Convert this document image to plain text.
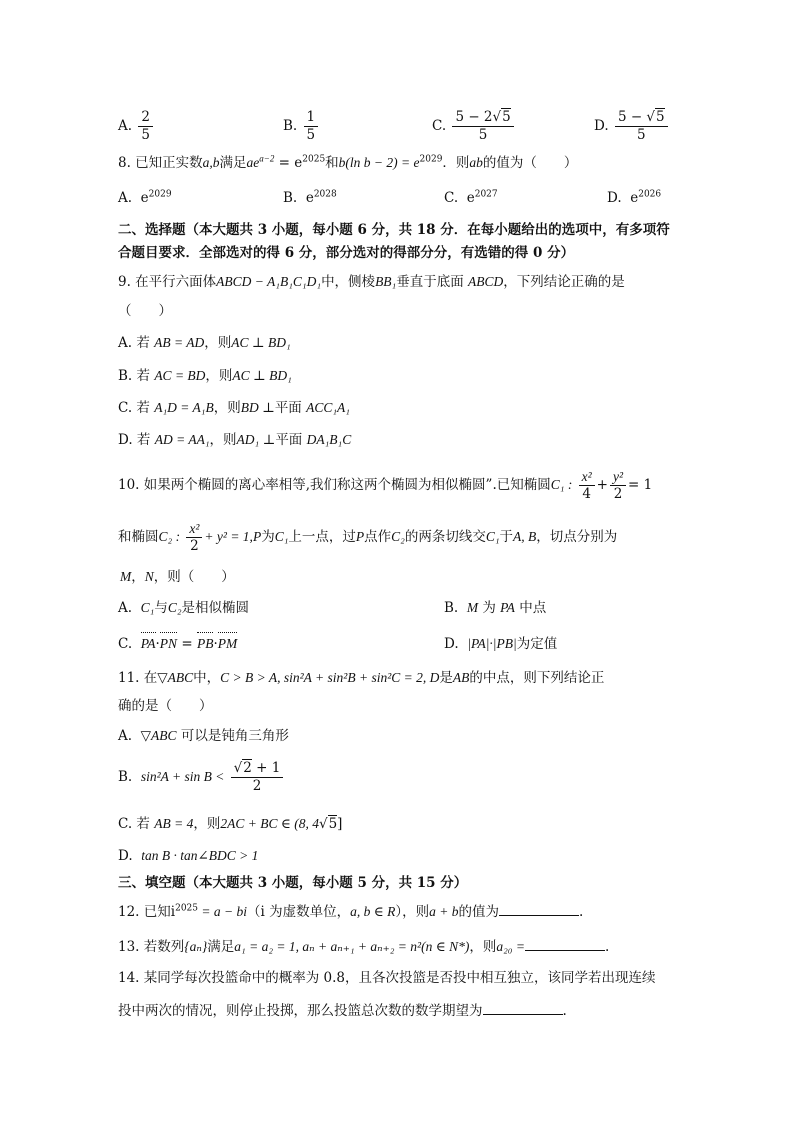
A. $\frac{2}{5}$	B. $\frac{1}{5}$	C. $\frac{5 - 2√5}{5}$	D. $\frac{5 - √5}{5}$
8. 已知正实数a,b满足$ae^{a-2} = e^{2025}$和b(ln $b - 2) = e^{2029}$．则ab的值为（　　）
A. $e^{2029}$	B. $e^{2028}$	C. $e^{2027}$	D. $e^{2026}$
二、选择题（本大题共 3 小题，每小题 6 分，共 18 分．在每小题给出的选项中，有多项符
合题目要求．全部选对的得 6 分，部分选对的得部分分，有选错的得 0 分）
9. 在平行六面体ABCD − A₁B₁C₁D₁中，侧棱BB₁垂直于底面 ABCD，下列结论正确的是
（　　）
A. 若 AB = AD，则AC ⊥ BD₁
B. 若 AC = BD，则AC ⊥ BD₁
C. 若 A₁D = A₁B，则BD ⊥平面 ACC₁A₁
D. 若 AD = AA₁，则AD₁ ⊥平面 DA₁B₁C
10. 如果两个椭圆的离心率相等,我们称这两个椭圆为相似椭圆”.已知椭圆C₁ : $\frac{\text{x²}}{4} + \frac{\text{y²}}{2} = 1$
和椭圆C₂ : $\frac{\text{x²}}{2} + y^2 = 1,P$为C₁上一点，过P点作C₂的两条切线交C₁于A, B，切点分别为
M，N，则（　　）
A. C₁与C₂是相似椭圆	B. M 为 PA 中点
C. PA·PN = PB·PM	D. |PA|·|PB|为定值
11. 在▽ABC中，C > B > A, sin²A + sin²B + sin²C = 2, D是AB的中点，则下列结论正
确的是（　　）
A. ▽ABC 可以是钝角三角形
B. $\sin^2A + \sin B < \frac{√2 + 1}{2}$
C. 若 AB = 4，则2AC + BC ∈ (8, 4√5]
D. tan B · tan∠BDC > 1
三、填空题（本大题共 3 小题，每小题 5 分，共 15 分）
12. 已知$i^{2025} = a - bi(i$ 为虚数单位，a, b ∈ R），则a + b的值为	.
13. 若数列{aₙ}满足a₁ = a₂ = 1, aₙ + aₙ₊₁ + aₙ₊₂ = n²(n ∈ N*)，则a₂₀ =	.
14. 某同学每次投篮命中的概率为 0.8，且各次投篮是否投中相互独立，该同学若出现连续
投中两次的情况，则停止投掷，那么投篮总次数的数学期望为	.
